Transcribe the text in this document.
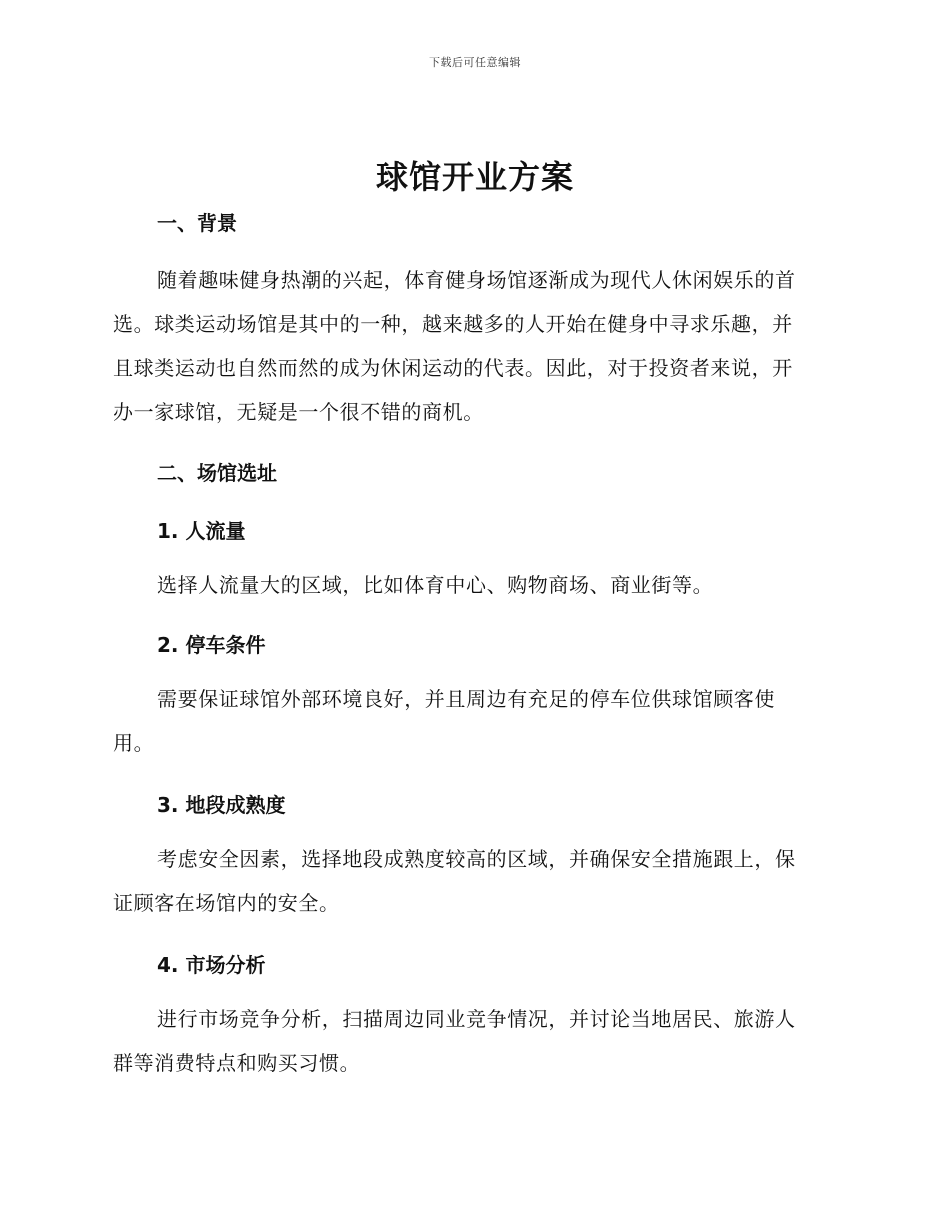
下载后可任意编辑
球馆开业方案
一、背景

随着趣味健身热潮的兴起，体育健身场馆逐渐成为现代人休闲娱乐的首
选。球类运动场馆是其中的一种，越来越多的人开始在健身中寻求乐趣，并
且球类运动也自然而然的成为休闲运动的代表。因此，对于投资者来说，开
办一家球馆，无疑是一个很不错的商机。

二、场馆选址
1. 人流量

选择人流量大的区域，比如体育中心、购物商场、商业街等。

2. 停车条件

需要保证球馆外部环境良好，并且周边有充足的停车位供球馆顾客使
用。

3. 地段成熟度

考虑安全因素，选择地段成熟度较高的区域，并确保安全措施跟上，保
证顾客在场馆内的安全。

4. 市场分析

进行市场竞争分析，扫描周边同业竞争情况，并讨论当地居民、旅游人
群等消费特点和购买习惯。
